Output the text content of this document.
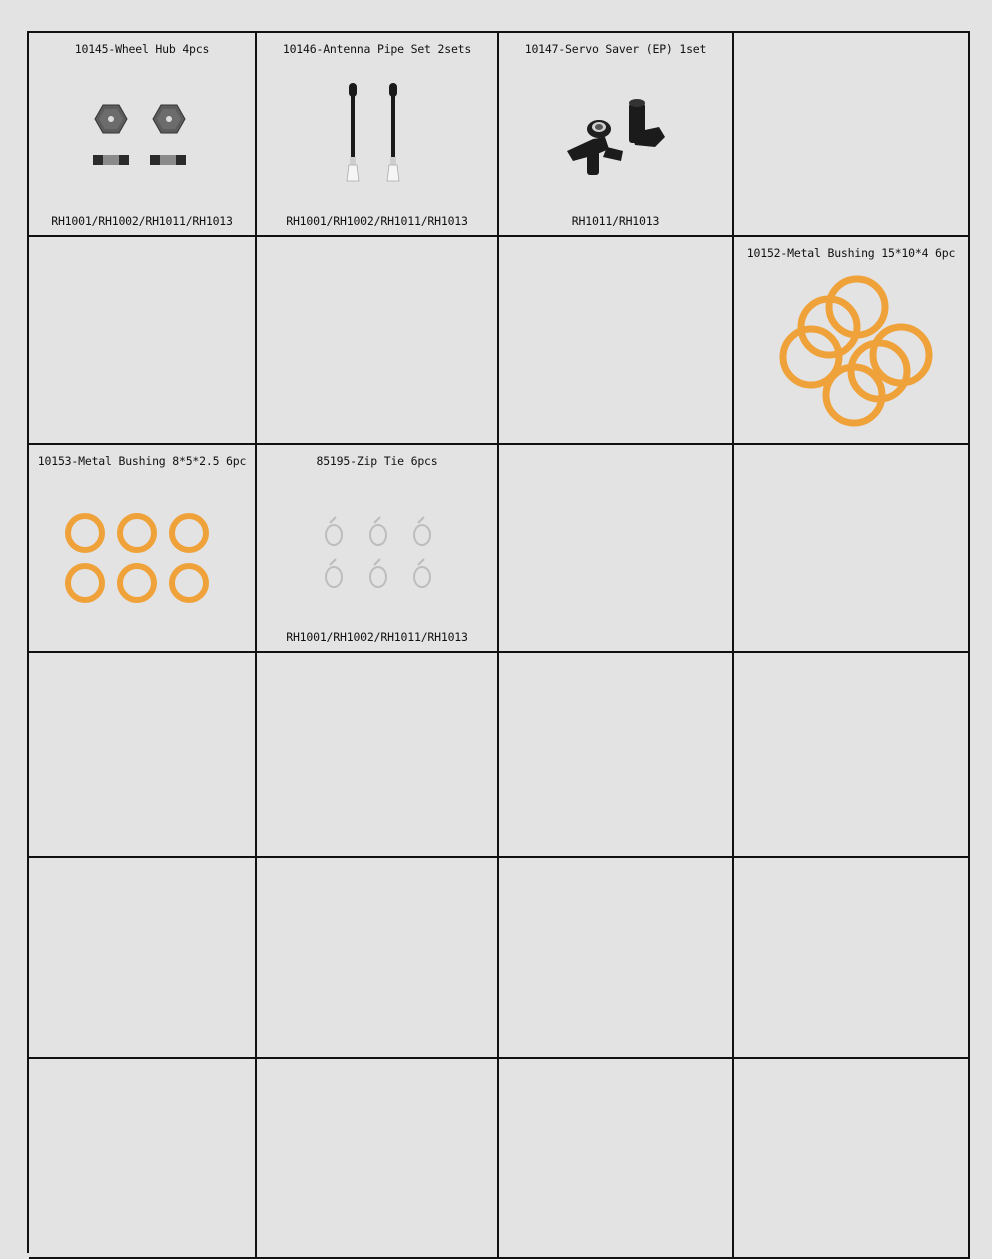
10145-Wheel Hub 4pcs
RH1001/RH1002/RH1011/RH1013
10146-Antenna Pipe Set 2sets
RH1001/RH1002/RH1011/RH1013
10147-Servo Saver (EP) 1set
RH1011/RH1013
10152-Metal Bushing 15*10*4 6pc
10153-Metal Bushing 8*5*2.5 6pc	85195-Zip Tie 6pcs
RH1001/RH1002/RH1011/RH1013
